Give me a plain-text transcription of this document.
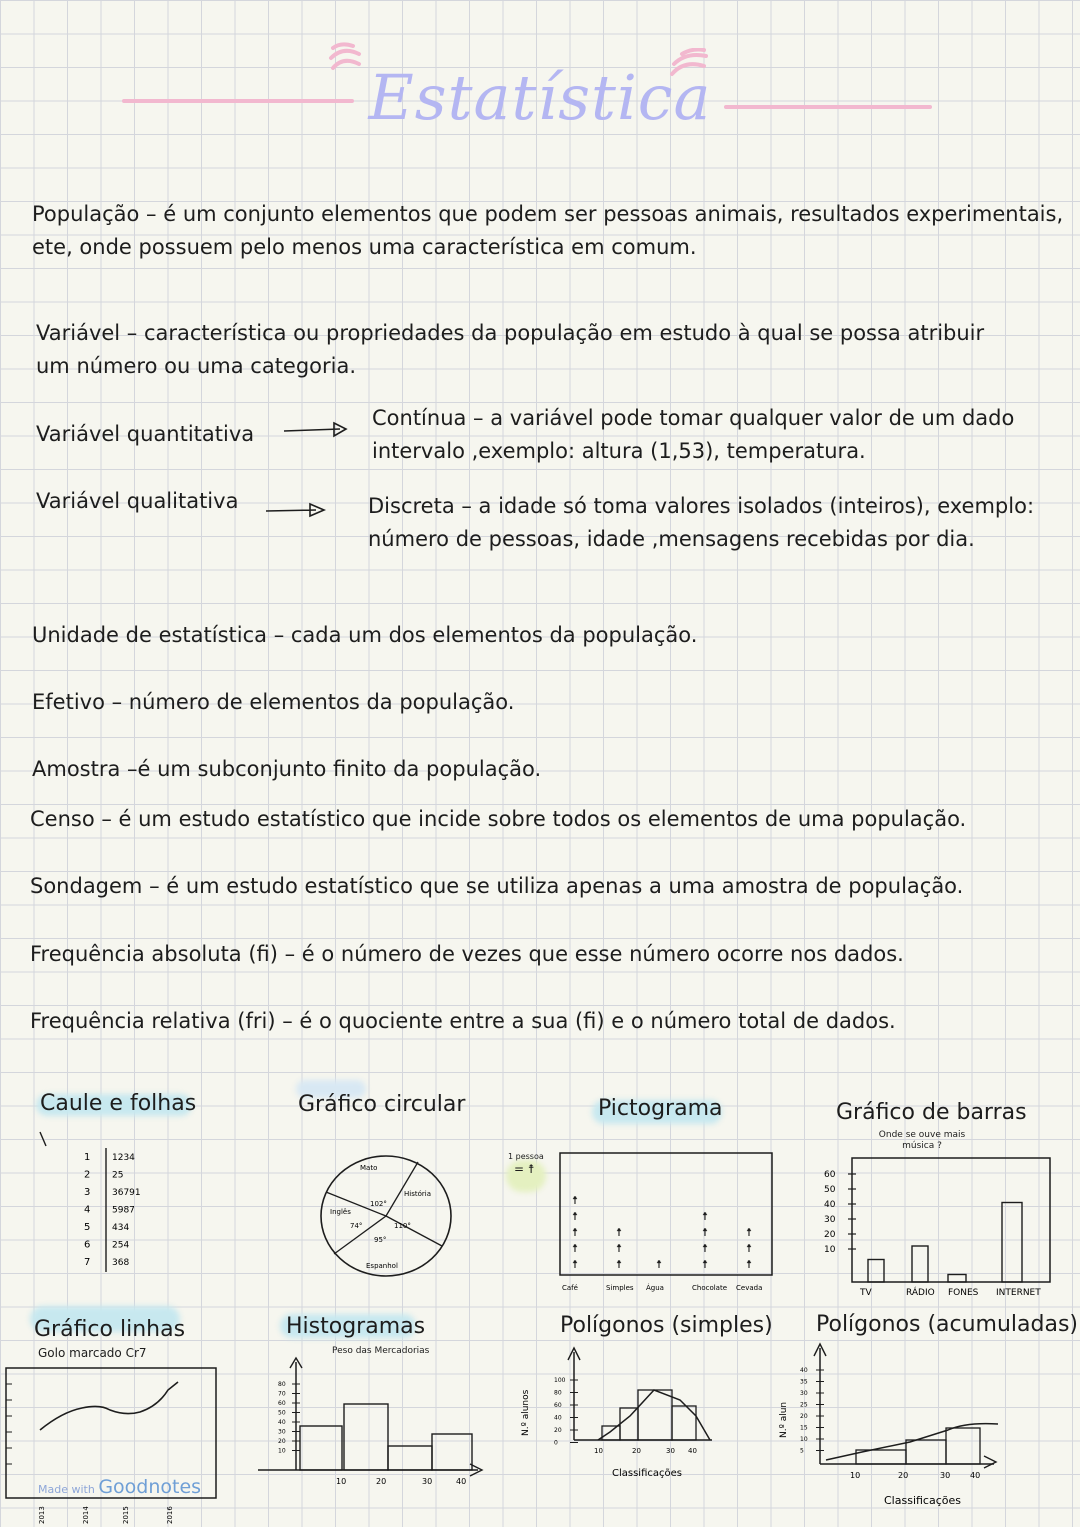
Estatística
População – é um conjunto elementos que podem ser pessoas animais, resultados experimentais,
ete, onde possuem pelo menos uma característica em comum.
Variável – característica ou propriedades da população em estudo à qual se possa atribuir
um número ou uma categoria.
Variável quantitativa
Variável qualitativa
Contínua – a variável pode tomar qualquer valor de um dado
intervalo ,exemplo: altura (1,53), temperatura.
Discreta – a idade só toma valores isolados (inteiros), exemplo:
número de pessoas, idade ,mensagens recebidas por dia.
Unidade de estatística – cada um dos elementos da população.
Efetivo – número de elementos da população.
Amostra –é um subconjunto finito da população.
Censo – é um estudo estatístico que incide sobre todos os elementos de uma população.
Sondagem – é um estudo estatístico que se utiliza apenas a uma amostra de população.
Frequência absoluta (fi) – é o número de vezes que esse número ocorre nos dados.
Frequência relativa (fri) – é o quociente entre a sua (fi) e o número total de dados.
Caule e folhas
1 1234
2 25
3 36791
4 5987
5 434
6 254
7 368
Gráfico circular
Mato
História
Inglês
Espanhol
102°
110°
74°
95°
Pictograma
1 pessoa
= ☨
☨
☨
☨
☨
☨
Café
☨
☨
☨
Simples
☨
Água
☨
☨
☨
☨
Chocolate
☨
☨
☨
Cevada
Gráfico de barras
Onde se ouve mais música ?
60
50
40
30
20
10
TV	RÁDIO FONES INTERNET
Gráfico linhas
Golo marcado Cr7
2013	2014	2015	2016
Histogramas
Peso das Mercadorias
80
70
60
50
40
30
20
10
10	20	30	40
Polígonos (simples)
N.º alunos
100
80
60
40
20
0
10	20	30 40
Classificações
Polígonos (acumuladas)
N.º alun
40
35
30
25
20
15
10
5
10	20	30 40
Classificações
Made with Goodnotes
